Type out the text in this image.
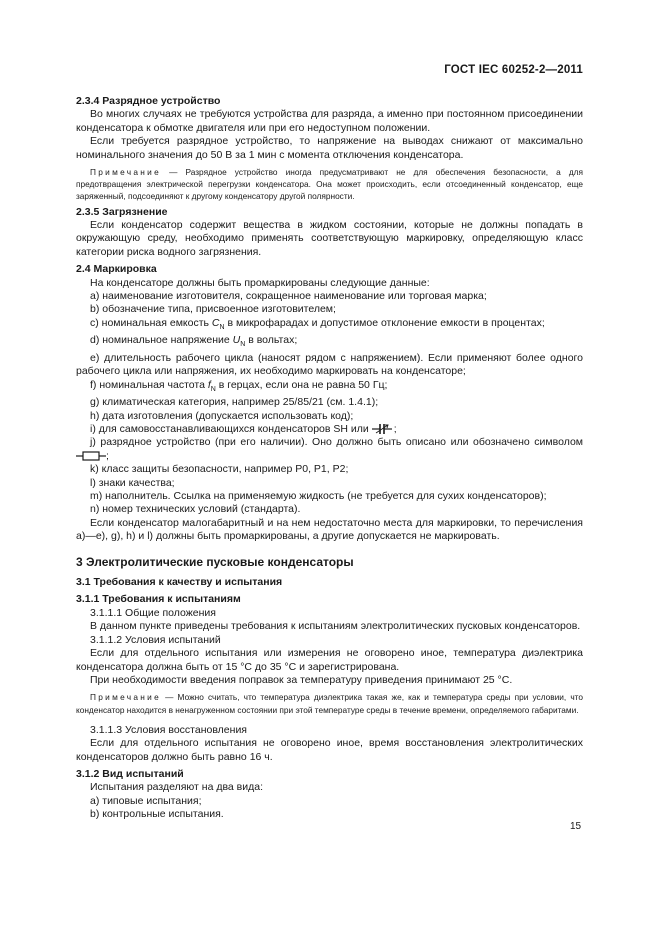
ГОСТ IEC 60252-2—2011

2.3.4 Разрядное устройство

Во многих случаях не требуются устройства для разряда, а именно при постоянном присоединении конденсатора к обмотке двигателя или при его недоступном положении.

Если требуется разрядное устройство, то напряжение на выводах снижают от максимально номинального значения до 50 В за 1 мин с момента отключения конденсатора.

Примечание — Разрядное устройство иногда предусматривают не для обеспечения безопасности, а для предотвращения электрической перегрузки конденсатора. Она может происходить, если отсоединенный конденсатор, еще заряженный, подсоединяют к другому конденсатору другой полярности.

2.3.5 Загрязнение

Если конденсатор содержит вещества в жидком состоянии, которые не должны попадать в окружающую среду, необходимо применять соответствующую маркировку, определяющую класс категории риска водного загрязнения.

2.4 Маркировка

На конденсаторе должны быть промаркированы следующие данные:

a) наименование изготовителя, сокращенное наименование или торговая марка;

b) обозначение типа, присвоенное изготовителем;

c) номинальная емкость $C_N$ в микрофарадах и допустимое отклонение емкости в процентах;

d) номинальное напряжение $U_N$ в вольтах;

e) длительность рабочего цикла (наносят рядом с напряжением). Если применяют более одного рабочего цикла или напряжения, их необходимо маркировать на конденсаторе;

f) номинальная частота $f_N$ в герцах, если она не равна 50 Гц;

g) климатическая категория, например 25/85/21 (см. 1.4.1);

h) дата изготовления (допускается использовать код);

i) для самовосстанавливающихся конденсаторов SH или ;

j) разрядное устройство (при его наличии). Оно должно быть описано или обозначено символом ;

k) класс защиты безопасности, например P0, P1, P2;

l) знаки качества;

m) наполнитель. Ссылка на применяемую жидкость (не требуется для сухих конденсаторов);

n) номер технических условий (стандарта).

Если конденсатор малогабаритный и на нем недостаточно места для маркировки, то перечисления a)—e), g), h) и l) должны быть промаркированы, а другие допускается не маркировать.

3 Электролитические пусковые конденсаторы

3.1 Требования к качеству и испытания

3.1.1 Требования к испытаниям

3.1.1.1 Общие положения

В данном пункте приведены требования к испытаниям электролитических пусковых конденсаторов.

3.1.1.2 Условия испытаний

Если для отдельного испытания или измерения не оговорено иное, температура диэлектрика конденсатора должна быть от 15 °С до 35 °С и зарегистрирована.

При необходимости введения поправок за температуру приведения принимают 25 °С.

Примечание — Можно считать, что температура диэлектрика такая же, как и температура среды при условии, что конденсатор находится в ненагруженном состоянии при этой температуре среды в течение времени, определяемого габаритами.

3.1.1.3 Условия восстановления

Если для отдельного испытания не оговорено иное, время восстановления электролитических конденсаторов должно быть равно 16 ч.

3.1.2 Вид испытаний

Испытания разделяют на два вида:

a) типовые испытания;

b) контрольные испытания.

15
